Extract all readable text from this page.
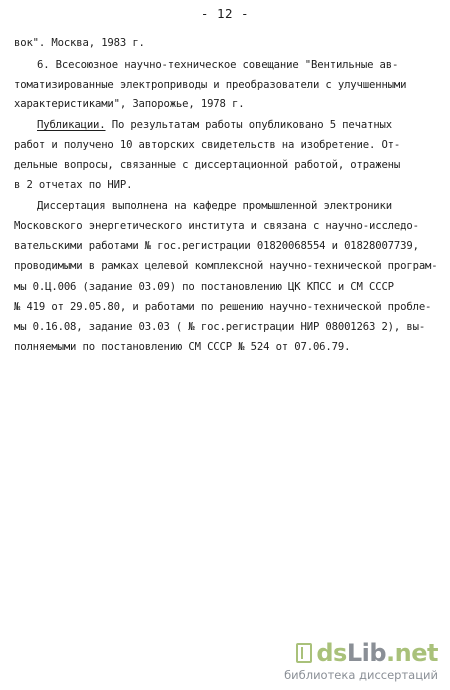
- 12 -
вок". Москва, 1983 г.
6. Всесоюзное научно-техническое совещание "Вентильные ав-
томатизированные электроприводы и преобразователи с улучшенными
характеристиками", Запорожье, 1978 г.
Публикации. По результатам работы опубликовано 5 печатных
работ и получено 10 авторских свидетельств на изобретение. От-
дельные вопросы, связанные с диссертационной работой, отражены
в 2 отчетах по НИР.
Диссертация выполнена на кафедре промышленной электроники
Московского энергетического института и связана с научно-исследо-
вательскими работами № гос.регистрации 01820068554 и 01828007739,
проводимыми в рамках целевой комплексной научно-технической програм-
мы 0.Ц.006 (задание 03.09) по постановлению ЦК КПСС и СМ СССР
№ 419 от 29.05.80, и работами по решению научно-технической пробле-
мы 0.16.08, задание 03.03 ( № гос.регистрации НИР 08001263 2), вы-
полняемыми по постановлению СМ СССР № 524 от 07.06.79.
dsLib.net
библиотека диссертаций
